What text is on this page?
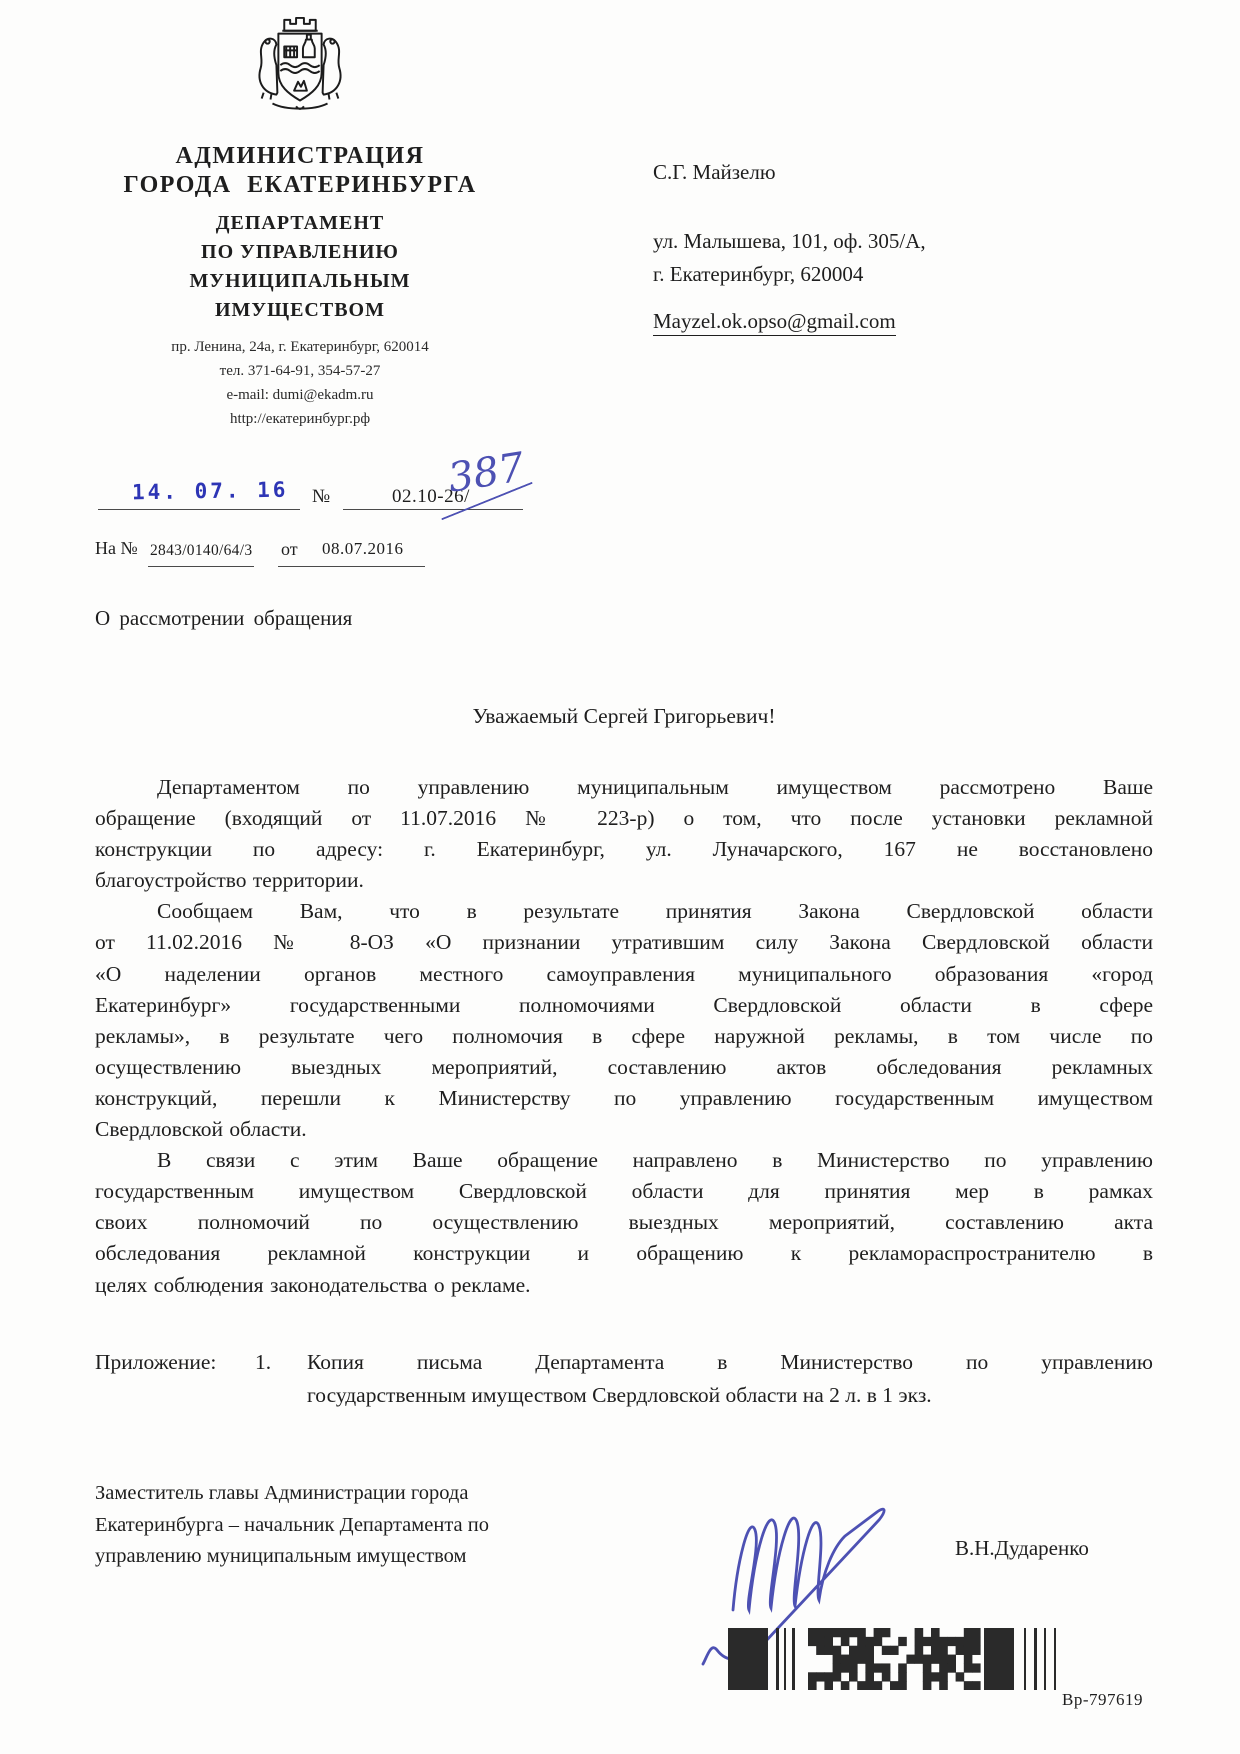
АДМИНИСТРАЦИЯ
ГОРОДА ЕКАТЕРИНБУРГА
ДЕПАРТАМЕНТ
ПО УПРАВЛЕНИЮ
МУНИЦИПАЛЬНЫМ
ИМУЩЕСТВОМ
пр. Ленина, 24а, г. Екатеринбург, 620014
тел. 371-64-91, 354-57-27
e-mail: dumi@ekadm.ru
http://екатеринбург.рф
С.Г. Майзелю
ул. Малышева, 101, оф. 305/А,
г. Екатеринбург, 620004
Mayzel.ok.opso@gmail.com
14. 07. 16 №	02.10-26/
387
На № 2843/0140/64/3 от 08.07.2016
О рассмотрении обращения
Уважаемый Сергей Григорьевич!
Департаментом по управлению муниципальным имуществом рассмотрено Ваше
обращение (входящий от 11.07.2016 № 223-р) о том, что после установки рекламной
конструкции по адресу: г. Екатеринбург, ул. Луначарского, 167 не восстановлено
благоустройство территории.
Сообщаем Вам, что в результате принятия Закона Свердловской области
от 11.02.2016 № 8-ОЗ «О признании утратившим силу Закона Свердловской области
«О наделении органов местного самоуправления муниципального образования «город
Екатеринбург» государственными полномочиями Свердловской области в сфере
рекламы», в результате чего полномочия в сфере наружной рекламы, в том числе по
осуществлению выездных мероприятий, составлению актов обследования рекламных
конструкций, перешли к Министерству по управлению государственным имуществом
Свердловской области.
В связи с этим Ваше обращение направлено в Министерство по управлению
государственным имуществом Свердловской области для принятия мер в рамках
своих полномочий по осуществлению выездных мероприятий, составлению акта
обследования рекламной конструкции и обращению к рекламораспространителю в
целях соблюдения законодательства о рекламе.
Приложение:	1.	Копия письма Департамента в Министерство по управлению
государственным имуществом Свердловской области на 2 л. в 1 экз.
Заместитель главы Администрации города
Екатеринбурга – начальник Департамента по
управлению муниципальным имуществом	В.Н.Дударенко
Вр-797619
